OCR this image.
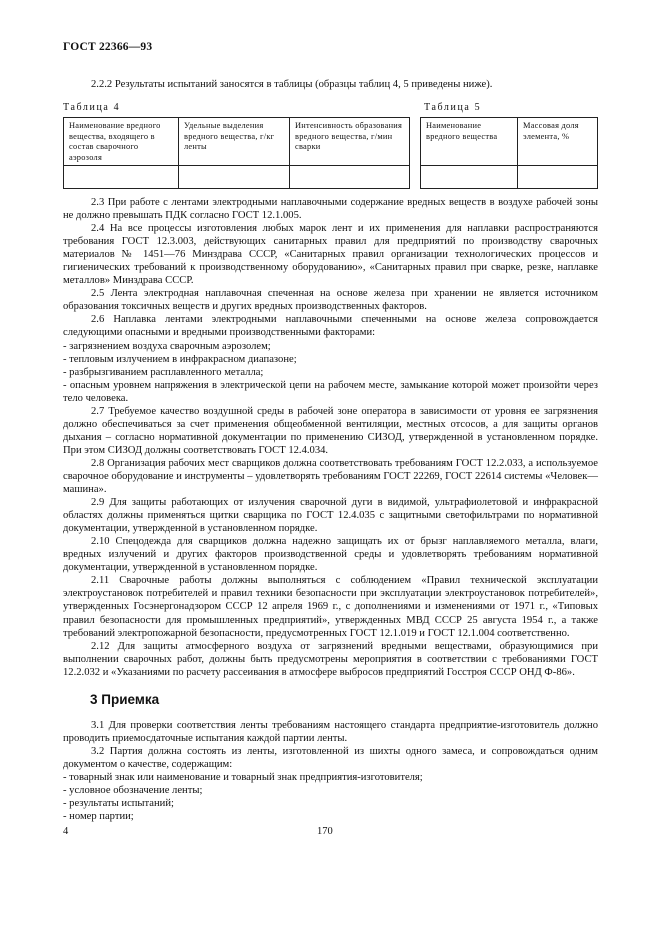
ГОСТ 22366—93

2.2.2 Результаты испытаний заносятся в таблицы (образцы таблиц 4, 5 приведены ниже).

Таблица 4
Наименование вредного вещества, входящего в состав сварочного аэрозоля	Удельные выделения вредного вещества, г/кг ленты	Интенсивность образования вредного вещества, г/мин сварки

Таблица 5
Наименование вредного вещества	Массовая доля элемента, %

2.3 При работе с лентами электродными наплавочными содержание вредных веществ в воздухе рабочей зоны не должно превышать ПДК согласно ГОСТ 12.1.005.

2.4 На все процессы изготовления любых марок лент и их применения для наплавки распространяются требования ГОСТ 12.3.003, действующих санитарных правил для предприятий по производству сварочных материалов № 1451—76 Минздрава СССР, «Санитарных правил организации технологических процессов и гигиенических требований к производственному оборудованию», «Санитарных правил при сварке, резке, наплавке металлов» Минздрава СССР.

2.5 Лента электродная наплавочная спеченная на основе железа при хранении не является источником образования токсичных веществ и других вредных производственных факторов.

2.6 Наплавка лентами электродными наплавочными спеченными на основе железа сопровождается следующими опасными и вредными производственными факторами:

- загрязнением воздуха сварочным аэрозолем;

- тепловым излучением в инфракрасном диапазоне;

- разбрызгиванием расплавленного металла;

- опасным уровнем напряжения в электрической цепи на рабочем месте, замыкание которой может произойти через тело человека.

2.7 Требуемое качество воздушной среды в рабочей зоне оператора в зависимости от уровня ее загрязнения должно обеспечиваться за счет применения общеобменной вентиляции, местных отсосов, а для защиты органов дыхания – согласно нормативной документации по применению СИЗОД, утвержденной в установленном порядке. При этом СИЗОД должны соответствовать ГОСТ 12.4.034.

2.8 Организация рабочих мест сварщиков должна соответствовать требованиям ГОСТ 12.2.033, а используемое сварочное оборудование и инструменты – удовлетворять требованиям ГОСТ 22269, ГОСТ 22614 системы «Человек— машина».

2.9 Для защиты работающих от излучения сварочной дуги в видимой, ультрафиолетовой и инфракрасной областях должны применяться щитки сварщика по ГОСТ 12.4.035 с защитными светофильтрами по нормативной документации, утвержденной в установленном порядке.

2.10 Спецодежда для сварщиков должна надежно защищать их от брызг наплавляемого металла, влаги, вредных излучений и других факторов производственной среды и удовлетворять требованиям нормативной документации, утвержденной в установленном порядке.

2.11 Сварочные работы должны выполняться с соблюдением «Правил технической эксплуатации электроустановок потребителей и правил техники безопасности при эксплуатации электроустановок потребителей», утвержденных Госэнергонадзором СССР 12 апреля 1969 г., с дополнениями и изменениями от 1971 г., «Типовых правил безопасности для промышленных предприятий», утвержденных МВД СССР 25 августа 1954 г., а также требований электропожарной безопасности, предусмотренных ГОСТ 12.1.019 и ГОСТ 12.1.004 соответственно.

2.12 Для защиты атмосферного воздуха от загрязнений вредными веществами, образующимися при выполнении сварочных работ, должны быть предусмотрены мероприятия в соответствии с требованиями ГОСТ 12.2.032 и «Указаниями по расчету рассеивания в атмосфере выбросов предприятий Госстроя СССР ОНД Ф-86».

3 Приемка

3.1 Для проверки соответствия ленты требованиям настоящего стандарта предприятие-изготовитель должно проводить приемосдаточные испытания каждой партии ленты.

3.2 Партия должна состоять из ленты, изготовленной из шихты одного замеса, и сопровождаться одним документом о качестве, содержащим:

- товарный знак или наименование и товарный знак предприятия-изготовителя;

- условное обозначение ленты;

- результаты испытаний;

- номер партии;

4	170
